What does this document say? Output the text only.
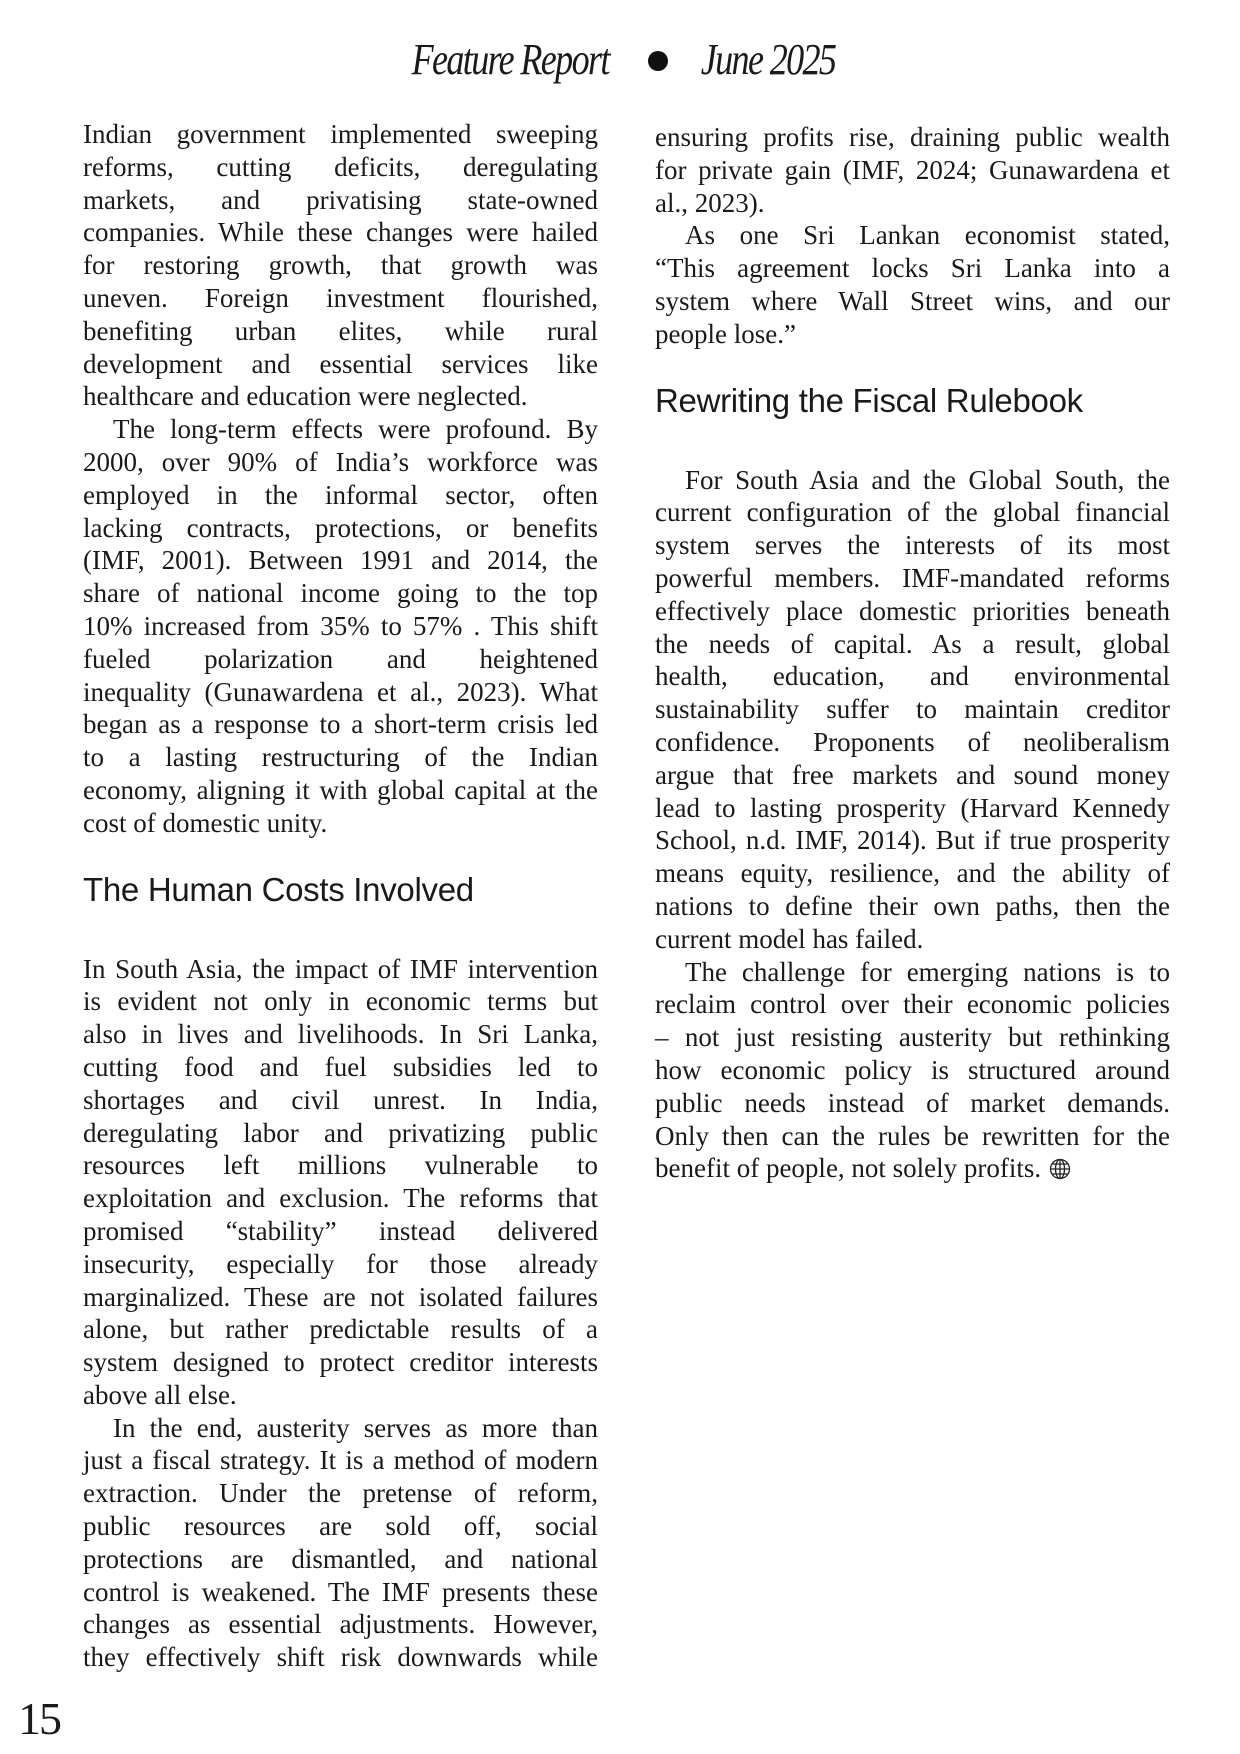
Feature Report June 2025
Indian government implemented sweeping
reforms, cutting deficits, deregulating
markets, and privatising state-owned
companies. While these changes were hailed
for restoring growth, that growth was
uneven. Foreign investment flourished,
benefiting urban elites, while rural
development and essential services like
healthcare and education were neglected.
The long-term effects were profound. By
2000, over 90% of India’s workforce was
employed in the informal sector, often
lacking contracts, protections, or benefits
(IMF, 2001). Between 1991 and 2014, the
share of national income going to the top
10% increased from 35% to 57% . This shift
fueled polarization and heightened
inequality (Gunawardena et al., 2023). What
began as a response to a short-term crisis led
to a lasting restructuring of the Indian
economy, aligning it with global capital at the
cost of domestic unity.
The Human Costs Involved
In South Asia, the impact of IMF intervention
is evident not only in economic terms but
also in lives and livelihoods. In Sri Lanka,
cutting food and fuel subsidies led to
shortages and civil unrest. In India,
deregulating labor and privatizing public
resources left millions vulnerable to
exploitation and exclusion. The reforms that
promised “stability” instead delivered
insecurity, especially for those already
marginalized. These are not isolated failures
alone, but rather predictable results of a
system designed to protect creditor interests
above all else.
In the end, austerity serves as more than
just a fiscal strategy. It is a method of modern
extraction. Under the pretense of reform,
public resources are sold off, social
protections are dismantled, and national
control is weakened. The IMF presents these
changes as essential adjustments. However,
they effectively shift risk downwards while
ensuring profits rise, draining public wealth
for private gain (IMF, 2024; Gunawardena et
al., 2023).
As one Sri Lankan economist stated,
“This agreement locks Sri Lanka into a
system where Wall Street wins, and our
people lose.”
Rewriting the Fiscal Rulebook
For South Asia and the Global South, the
current configuration of the global financial
system serves the interests of its most
powerful members. IMF-mandated reforms
effectively place domestic priorities beneath
the needs of capital. As a result, global
health, education, and environmental
sustainability suffer to maintain creditor
confidence. Proponents of neoliberalism
argue that free markets and sound money
lead to lasting prosperity (Harvard Kennedy
School, n.d. IMF, 2014). But if true prosperity
means equity, resilience, and the ability of
nations to define their own paths, then the
current model has failed.
The challenge for emerging nations is to
reclaim control over their economic policies
– not just resisting austerity but rethinking
how economic policy is structured around
public needs instead of market demands.
Only then can the rules be rewritten for the
benefit of people, not solely profits.
15
